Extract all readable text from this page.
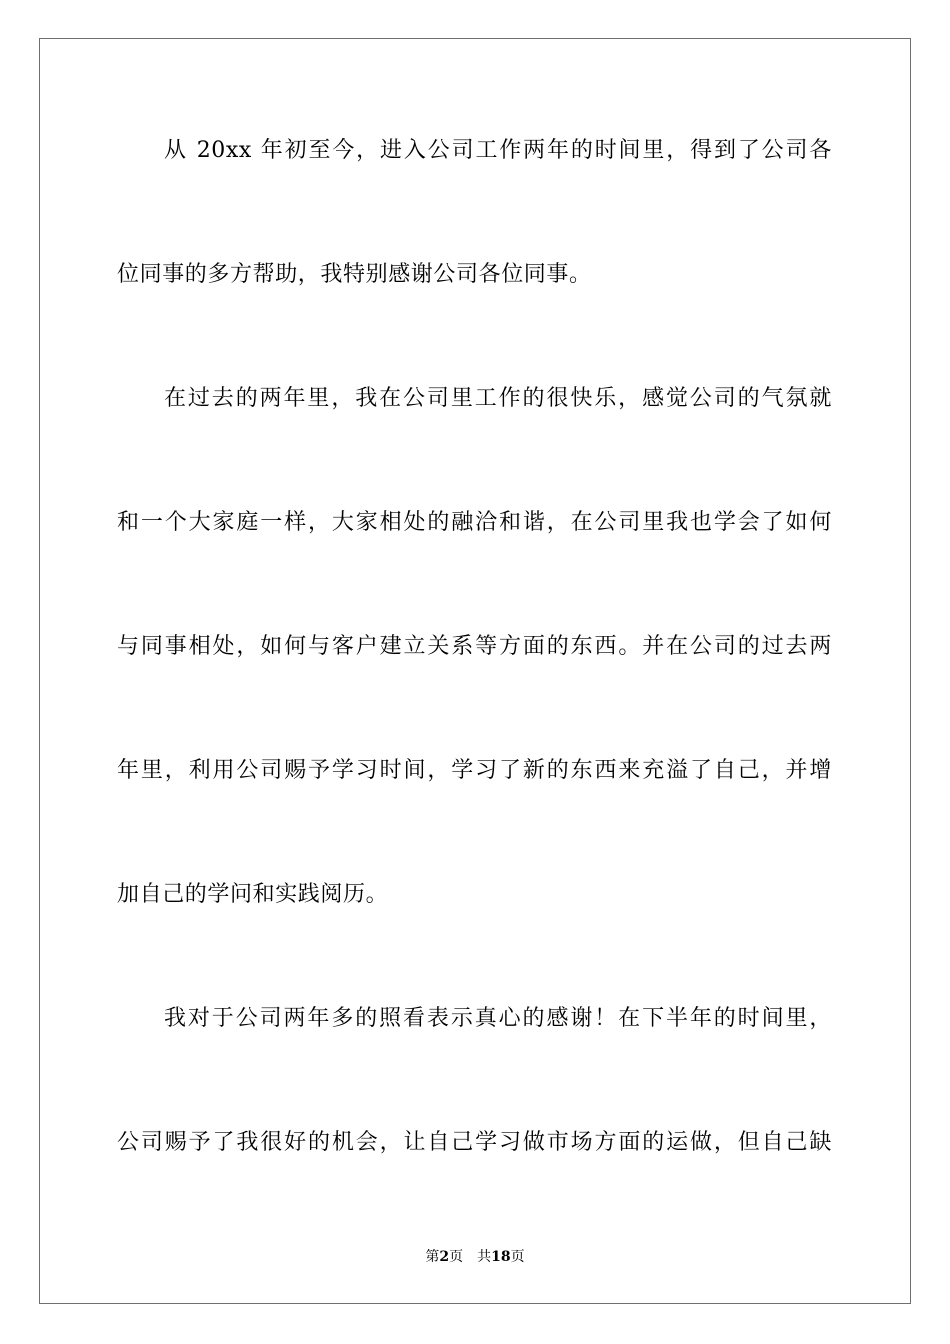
从 20xx 年初至今，进入公司工作两年的时间里，得到了公司各
位同事的多方帮助，我特别感谢公司各位同事。
在过去的两年里，我在公司里工作的很快乐，感觉公司的气氛就
和一个大家庭一样，大家相处的融洽和谐，在公司里我也学会了如何
与同事相处，如何与客户建立关系等方面的东西。并在公司的过去两
年里，利用公司赐予学习时间，学习了新的东西来充溢了自己，并增
加自己的学问和实践阅历。
我对于公司两年多的照看表示真心的感谢！在下半年的时间里，
公司赐予了我很好的机会，让自己学习做市场方面的运做，但自己缺
第2页 共18页
